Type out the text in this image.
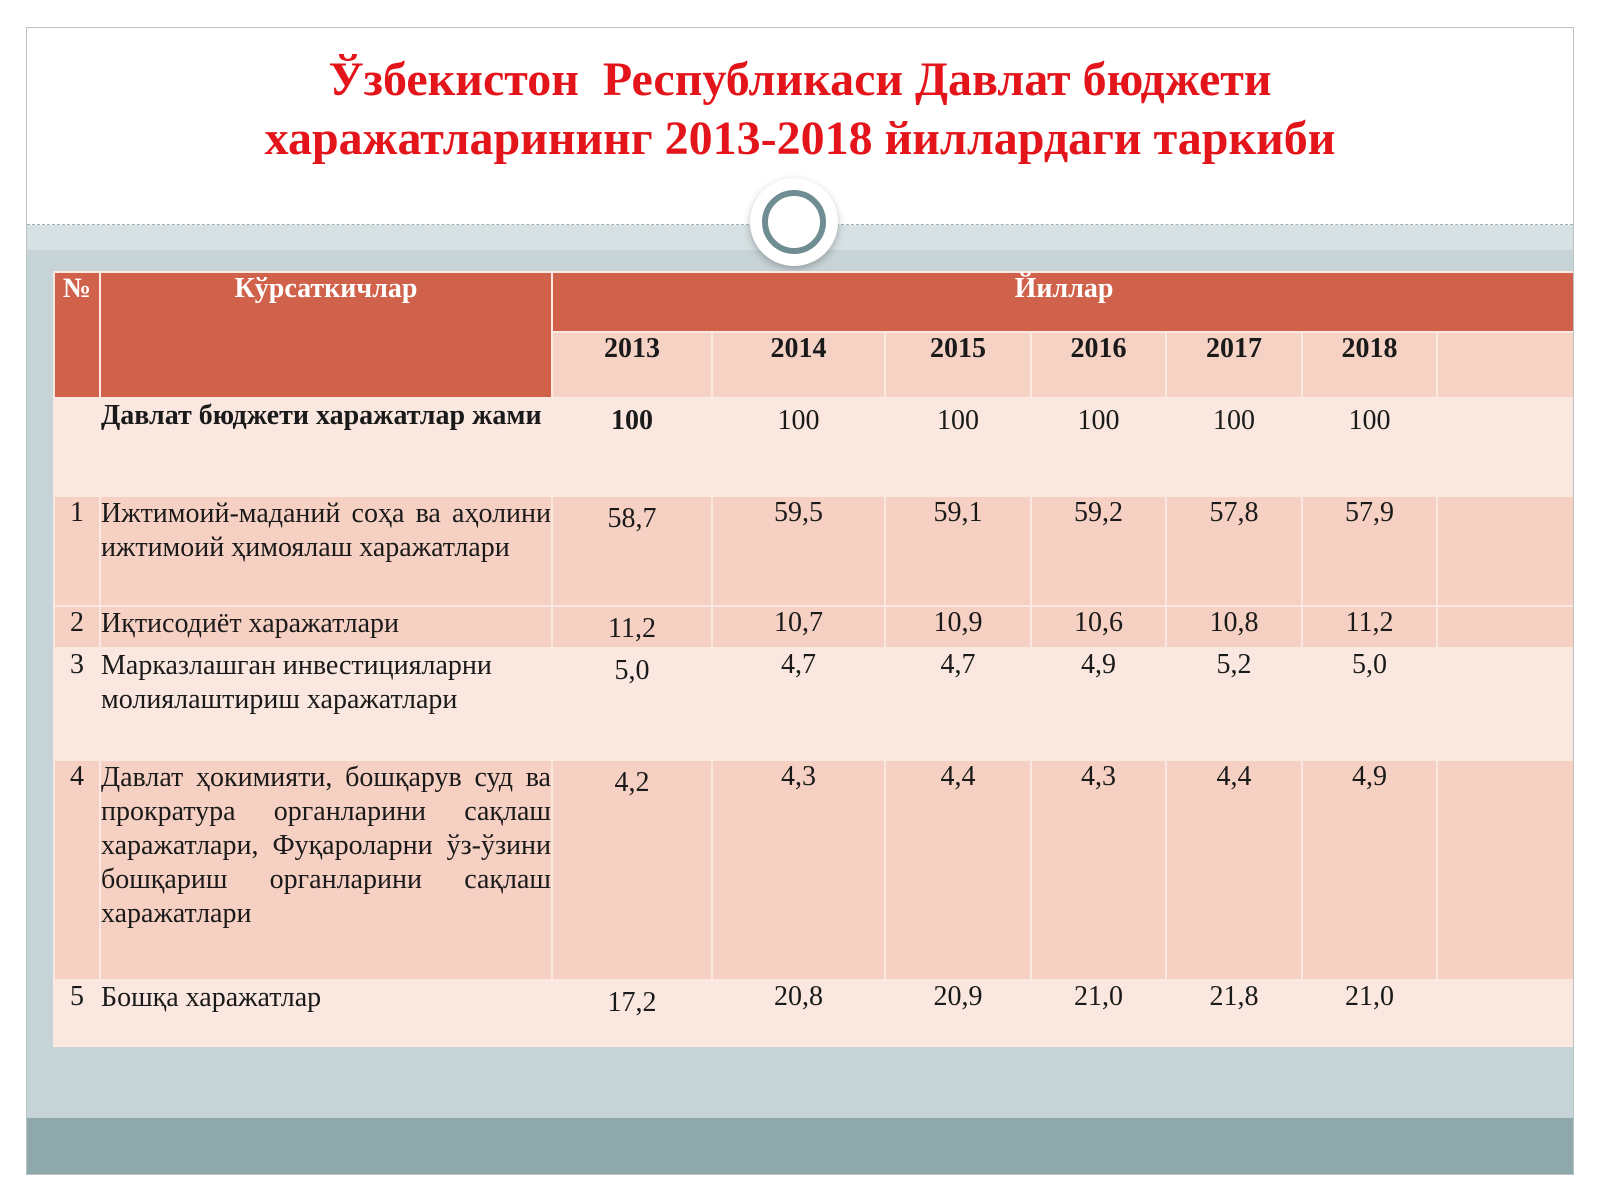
Ўзбекистон  Республикаси Давлат бюджети
харажатларининг 2013-2018 йиллардаги таркиби
№	Кўрсаткичлар	Йиллар						
		2013	2014	2015	2016	2017	2018	
	Давлат бюджети харажатлар жами	100	100	100	100	100	100	
1	Ижтимоий-маданий соҳа ва аҳолини ижтимоий ҳимоялаш харажатлари	58,7	59,5	59,1	59,2	57,8	57,9	
2	Иқтисодиёт харажатлари	11,2	10,7	10,9	10,6	10,8	11,2	
3	Марказлашган инвестицияларни молиялаштириш харажатлари	5,0	4,7	4,7	4,9	5,2	5,0	
4	Давлат ҳокимияти, бошқарув суд ва прократура органларини сақлаш харажатлари, Фуқароларни ўз-ўзини бошқариш органларини сақлаш харажатлари	4,2	4,3	4,4	4,3	4,4	4,9	
5	Бошқа харажатлар	17,2	20,8	20,9	21,0	21,8	21,0	
